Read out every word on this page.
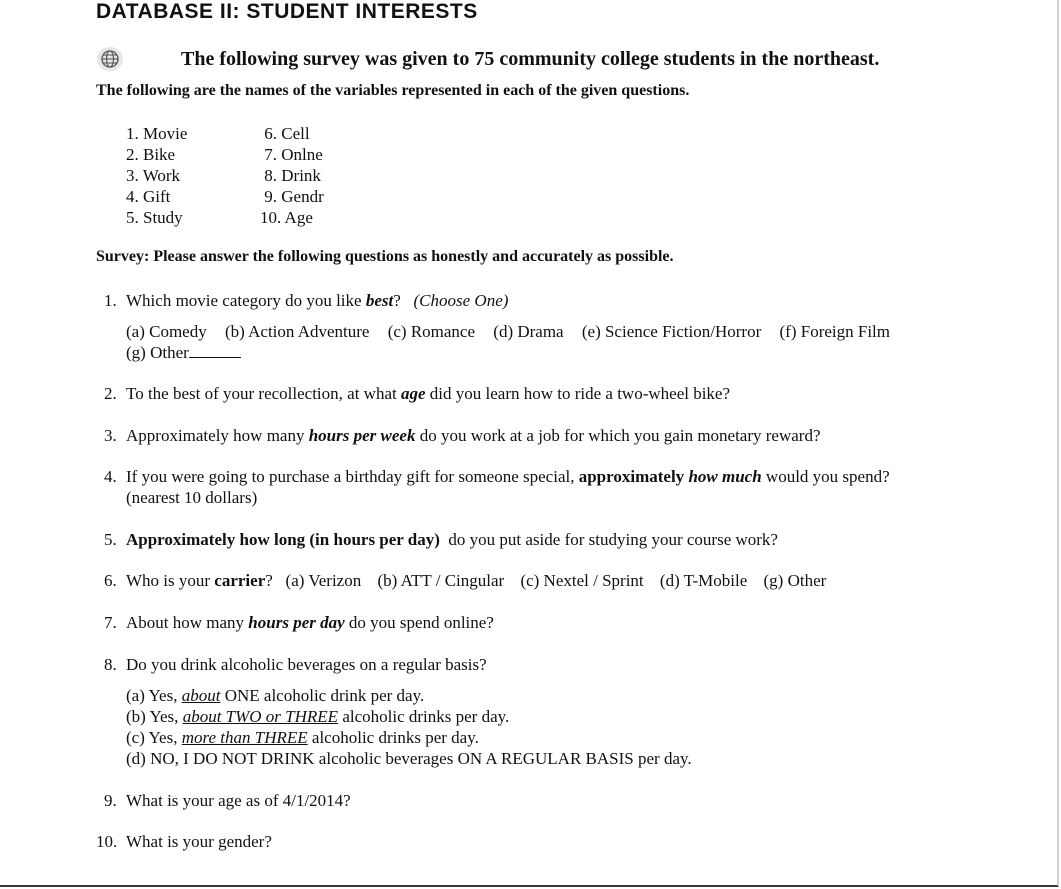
DATABASE II: STUDENT INTERESTS
The following survey was given to 75 community college students in the northeast.
The following are the names of the variables represented in each of the given questions.
1. Movie
2. Bike
3. Work
4. Gift
5. Study
6. Cell
7. Onlne
8. Drink
9. Gendr
10. Age
Survey: Please answer the following questions as honestly and accurately as possible.
1. Which movie category do you like best? (Choose One)
(a) Comedy (b) Action Adventure (c) Romance (d) Drama (e) Science Fiction/Horror (f) Foreign Film
(g) Other
2. To the best of your recollection, at what age did you learn how to ride a two-wheel bike?
3. Approximately how many hours per week do you work at a job for which you gain monetary reward?
4. If you were going to purchase a birthday gift for someone special, approximately how much would you spend?
(nearest 10 dollars)
5. Approximately how long (in hours per day)  do you put aside for studying your course work?
6. Who is your carrier? (a) Verizon (b) ATT / Cingular (c) Nextel / Sprint (d) T-Mobile (g) Other
7. About how many hours per day do you spend online?
8. Do you drink alcoholic beverages on a regular basis?
(a) Yes, about ONE alcoholic drink per day.
(b) Yes, about TWO or THREE alcoholic drinks per day.
(c) Yes, more than THREE alcoholic drinks per day.
(d) NO, I DO NOT DRINK alcoholic beverages ON A REGULAR BASIS per day.
9. What is your age as of 4/1/2014?
10. What is your gender?
